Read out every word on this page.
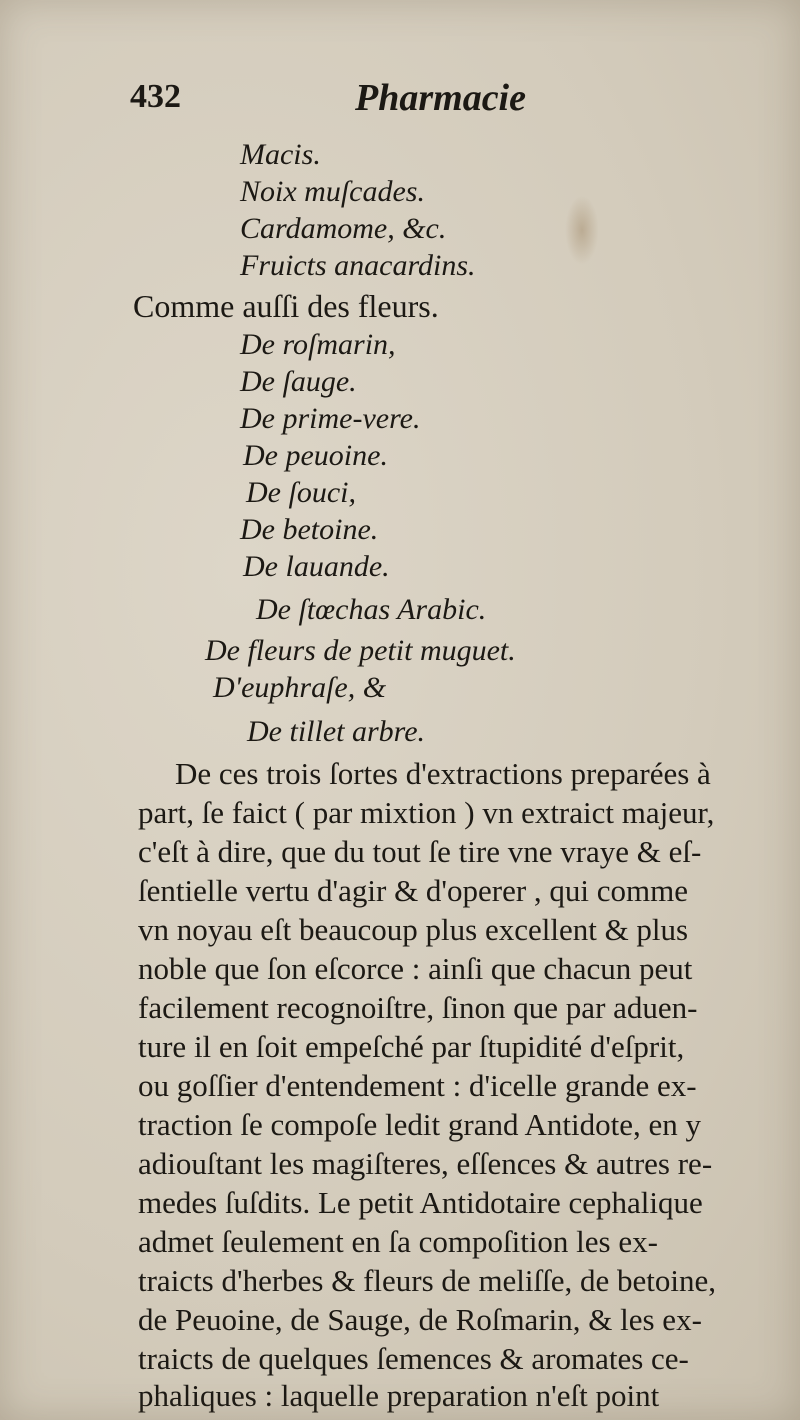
432	Pharmacie
Macis.
Noix muſcades.
Cardamome, &c.
Fruicts anacardins.
Comme auſſi des fleurs.
De roſmarin,
De ſauge.
De prime-vere.
De peuoine.
De ſouci,
De betoine.
De lauande.
De ſtœchas Arabic.
De fleurs de petit muguet.
D'euphraſe, &
De tillet arbre.
De ces trois ſortes d'extractions preparées à
part, ſe faict ( par mixtion ) vn extraict majeur,
c'eſt à dire, que du tout ſe tire vne vraye & eſ-
ſentielle vertu d'agir & d'operer , qui comme
vn noyau eſt beaucoup plus excellent & plus
noble que ſon eſcorce : ainſi que chacun peut
facilement recognoiſtre, ſinon que par aduen-
ture il en ſoit empeſché par ſtupidité d'eſprit,
ou goſſier d'entendement : d'icelle grande ex-
traction ſe compoſe ledit grand Antidote, en y
adiouſtant les magiſteres, eſſences & autres re-
medes ſuſdits. Le petit Antidotaire cephalique
admet ſeulement en ſa compoſition les ex-
traicts d'herbes & fleurs de meliſſe, de betoine,
de Peuoine, de Sauge, de Roſmarin, & les ex-
traicts de quelques ſemences & aromates ce-
phaliques : laquelle preparation n'eſt point
